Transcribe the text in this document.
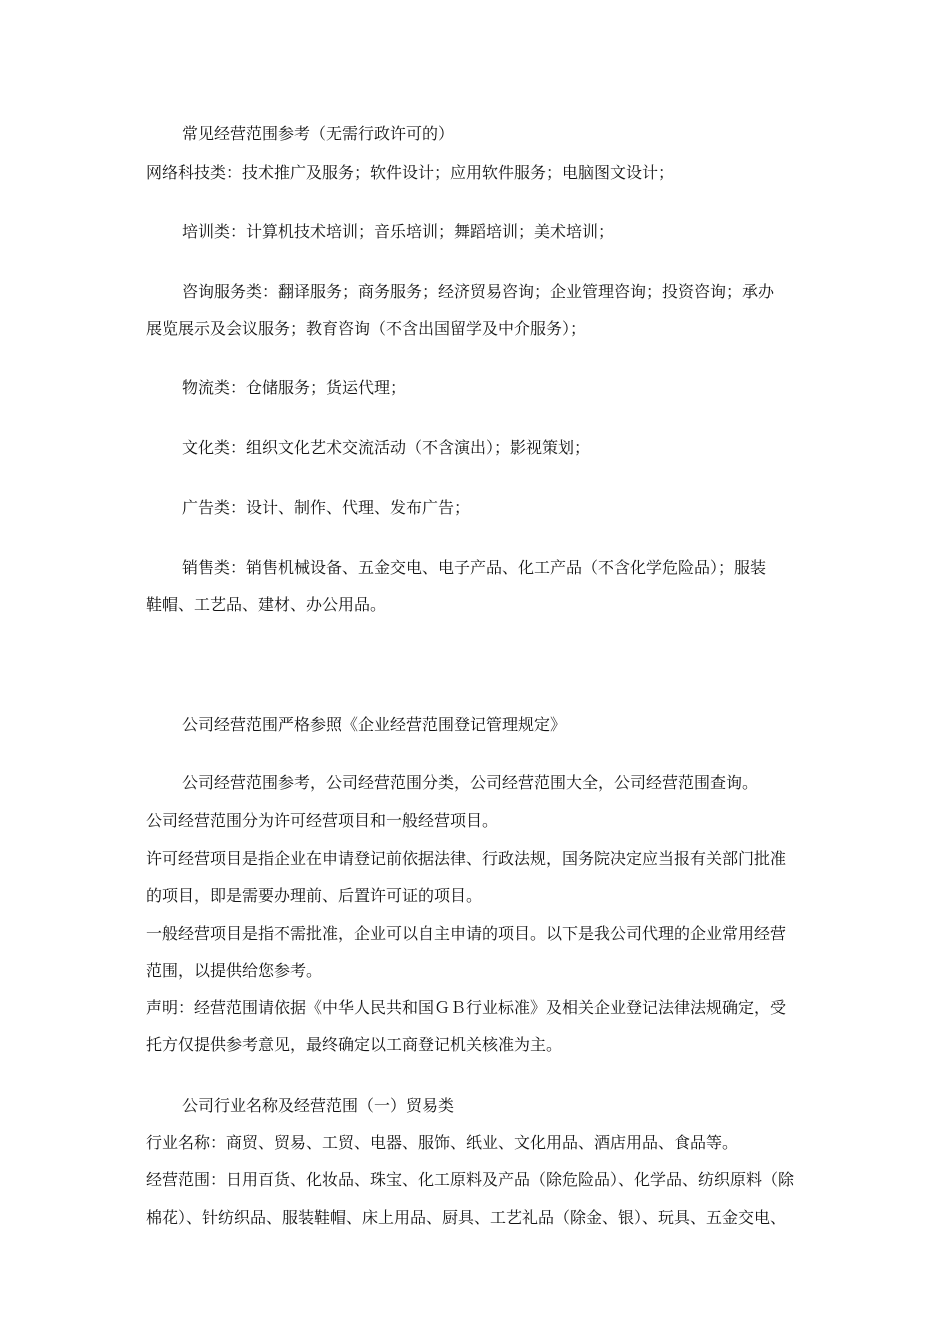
常见经营范围参考（无需行政许可的）

网络科技类：技术推广及服务；软件设计；应用软件服务；电脑图文设计；

培训类：计算机技术培训；音乐培训；舞蹈培训；美术培训；

咨询服务类：翻译服务；商务服务；经济贸易咨询；企业管理咨询；投资咨询；承办

展览展示及会议服务；教育咨询（不含出国留学及中介服务）；

物流类：仓储服务；货运代理；

文化类：组织文化艺术交流活动（不含演出）；影视策划；

广告类：设计、制作、代理、发布广告；

销售类：销售机械设备、五金交电、电子产品、化工产品（不含化学危险品）；服装

鞋帽、工艺品、建材、办公用品。

公司经营范围严格参照《企业经营范围登记管理规定》

公司经营范围参考，公司经营范围分类，公司经营范围大全，公司经营范围查询。

公司经营范围分为许可经营项目和一般经营项目。

许可经营项目是指企业在申请登记前依据法律、行政法规，国务院决定应当报有关部门批准

的项目，即是需要办理前、后置许可证的项目。

一般经营项目是指不需批准，企业可以自主申请的项目。以下是我公司代理的企业常用经营

范围，以提供给您参考。

声明：经营范围请依据《中华人民共和国ＧＢ行业标准》及相关企业登记法律法规确定，受

托方仅提供参考意见，最终确定以工商登记机关核准为主。

公司行业名称及经营范围（一）贸易类

行业名称：商贸、贸易、工贸、电器、服饰、纸业、文化用品、酒店用品、食品等。

经营范围：日用百货、化妆品、珠宝、化工原料及产品（除危险品）、化学品、纺织原料（除

棉花）、针纺织品、服装鞋帽、床上用品、厨具、工艺礼品（除金、银）、玩具、五金交电、
